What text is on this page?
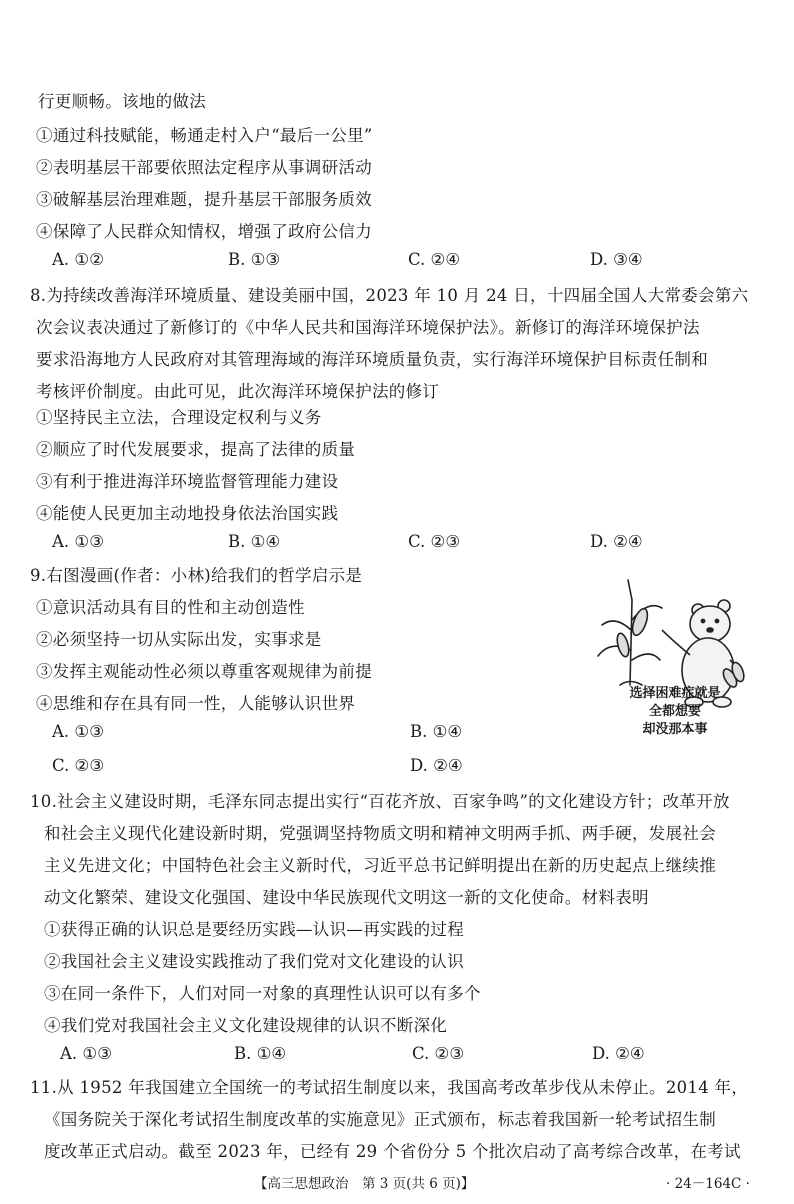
行更顺畅。该地的做法
①通过科技赋能，畅通走村入户“最后一公里”
②表明基层干部要依照法定程序从事调研活动
③破解基层治理难题，提升基层干部服务质效
④保障了人民群众知情权，增强了政府公信力
A. ①②	B. ①③	C. ②④	D. ③④
8.为持续改善海洋环境质量、建设美丽中国，2023 年 10 月 24 日，十四届全国人大常委会第六
次会议表决通过了新修订的《中华人民共和国海洋环境保护法》。新修订的海洋环境保护法
要求沿海地方人民政府对其管理海域的海洋环境质量负责，实行海洋环境保护目标责任制和
考核评价制度。由此可见，此次海洋环境保护法的修订
①坚持民主立法，合理设定权利与义务
②顺应了时代发展要求，提高了法律的质量
③有利于推进海洋环境监督管理能力建设
④能使人民更加主动地投身依法治国实践
A. ①③	B. ①④	C. ②③	D. ②④
9.右图漫画(作者：小林)给我们的哲学启示是
①意识活动具有目的性和主动创造性
②必须坚持一切从实际出发，实事求是
③发挥主观能动性必须以尊重客观规律为前提
④思维和存在具有同一性，人能够认识世界
A. ①③	B. ①④
C. ②③	D. ②④
选择困难症就是
全都想要
却没那本事
10.社会主义建设时期，毛泽东同志提出实行“百花齐放、百家争鸣”的文化建设方针；改革开放
和社会主义现代化建设新时期，党强调坚持物质文明和精神文明两手抓、两手硬，发展社会
主义先进文化；中国特色社会主义新时代，习近平总书记鲜明提出在新的历史起点上继续推
动文化繁荣、建设文化强国、建设中华民族现代文明这一新的文化使命。材料表明
①获得正确的认识总是要经历实践—认识—再实践的过程
②我国社会主义建设实践推动了我们党对文化建设的认识
③在同一条件下，人们对同一对象的真理性认识可以有多个
④我们党对我国社会主义文化建设规律的认识不断深化
A. ①③	B. ①④	C. ②③	D. ②④
11.从 1952 年我国建立全国统一的考试招生制度以来，我国高考改革步伐从未停止。2014 年，
《国务院关于深化考试招生制度改革的实施意见》正式颁布，标志着我国新一轮考试招生制
度改革正式启动。截至 2023 年，已经有 29 个省份分 5 个批次启动了高考综合改革，在考试
【高三思想政治　第 3 页(共 6 页)】	· 24－164C ·
